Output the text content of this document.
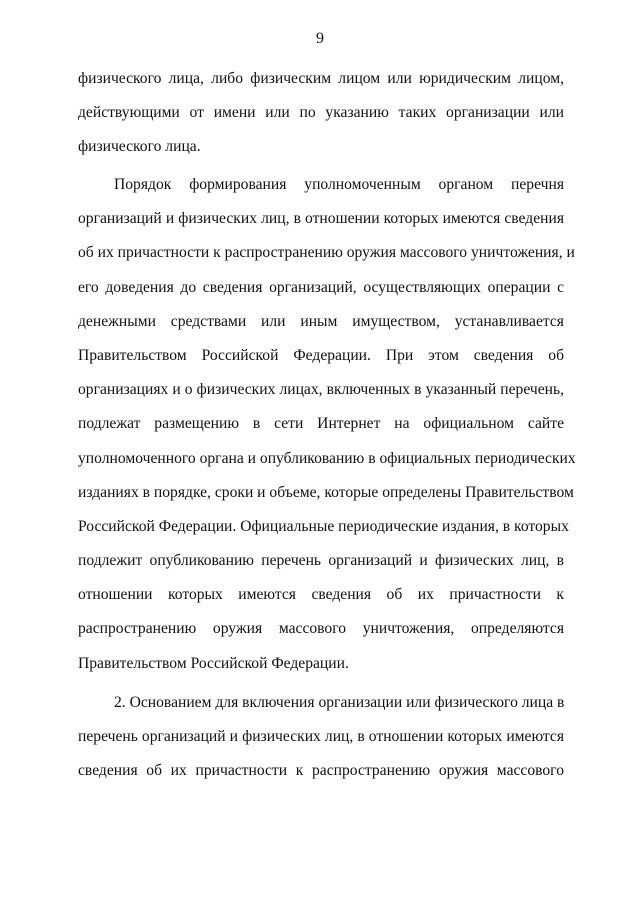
9
физического лица, либо физическим лицом или юридическим лицом,
действующими от имени или по указанию таких организации или
физического лица.
Порядок формирования уполномоченным органом перечня
организаций и физических лиц, в отношении которых имеются сведения
об их причастности к распространению оружия массового уничтожения, и
его доведения до сведения организаций, осуществляющих операции с
денежными средствами или иным имуществом, устанавливается
Правительством Российской Федерации. При этом сведения об
организациях и о физических лицах, включенных в указанный перечень,
подлежат размещению в сети Интернет на официальном сайте
уполномоченного органа и опубликованию в официальных периодических
изданиях в порядке, сроки и объеме, которые определены Правительством
Российской Федерации. Официальные периодические издания, в которых
подлежит опубликованию перечень организаций и физических лиц, в
отношении которых имеются сведения об их причастности к
распространению оружия массового уничтожения, определяются
Правительством Российской Федерации.
2. Основанием для включения организации или физического лица в
перечень организаций и физических лиц, в отношении которых имеются
сведения об их причастности к распространению оружия массового
